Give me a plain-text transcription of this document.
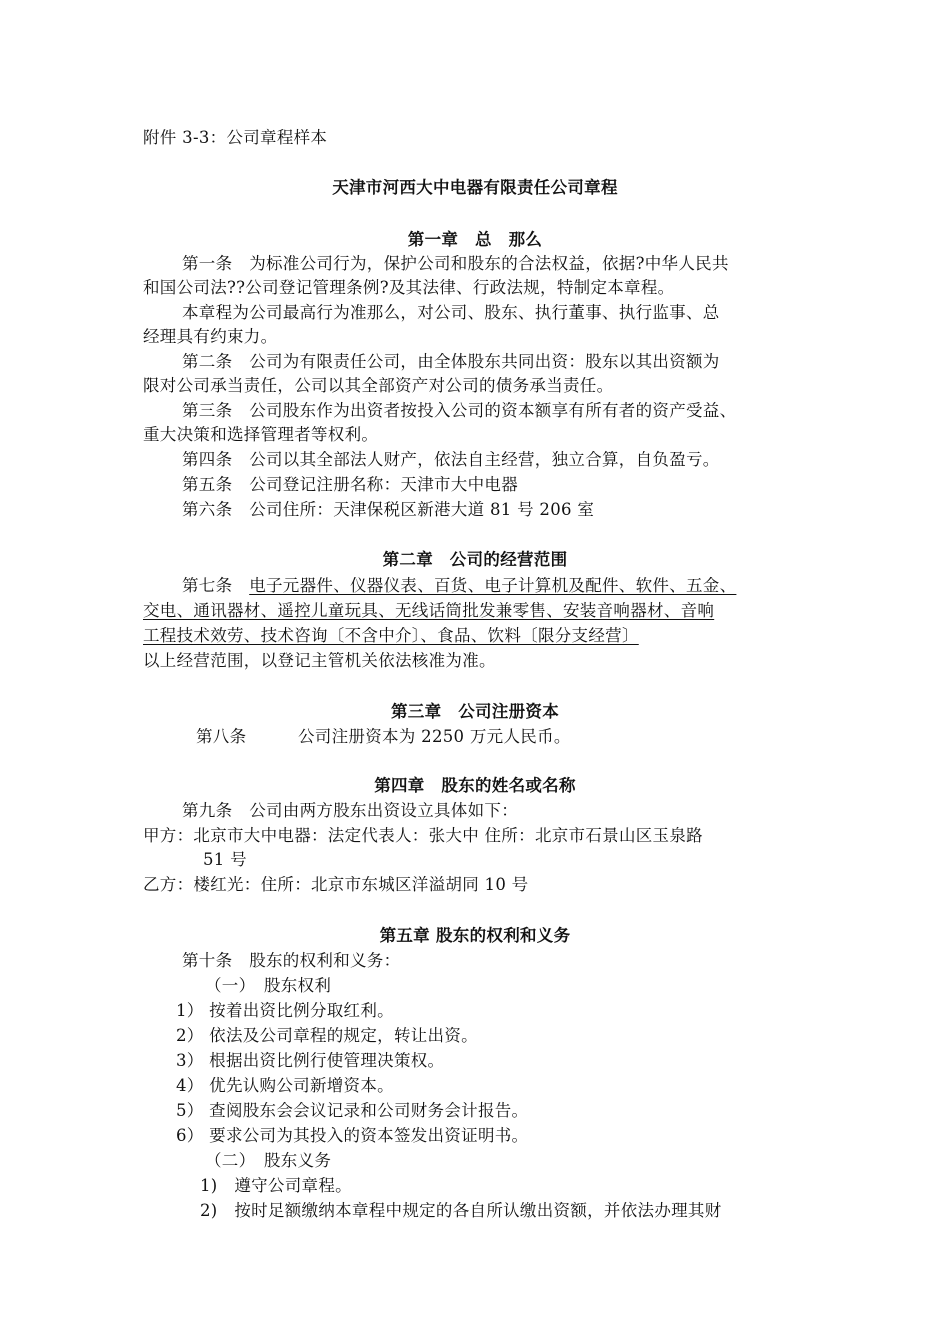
附件 3-3：公司章程样本
天津市河西大中电器有限责任公司章程
第一章　总　那么
第一条　为标准公司行为，保护公司和股东的合法权益，依据?中华人民共
和国公司法??公司登记管理条例?及其法律、行政法规，特制定本章程。
本章程为公司最高行为准那么，对公司、股东、执行董事、执行监事、总
经理具有约束力。
第二条　公司为有限责任公司，由全体股东共同出资：股东以其出资额为
限对公司承当责任，公司以其全部资产对公司的债务承当责任。
第三条　公司股东作为出资者按投入公司的资本额享有所有者的资产受益、
重大决策和选择管理者等权利。
第四条　公司以其全部法人财产，依法自主经营，独立合算，自负盈亏。
第五条　公司登记注册名称：天津市大中电器
第六条　公司住所：天津保税区新港大道 81 号 206 室
第二章　公司的经营范围
第七条　电子元器件、仪器仪表、百货、电子计算机及配件、软件、五金、
交电、通讯器材、遥控儿童玩具、无线话筒批发兼零售、安装音响器材、音响
工程技术效劳、技术咨询〔不含中介〕、食品、饮料〔限分支经营〕
以上经营范围，以登记主管机关依法核准为准。
第三章　公司注册资本
第八条	公司注册资本为 2250 万元人民币。
第四章　股东的姓名或名称
第九条　公司由两方股东出资设立具体如下：
甲方：北京市大中电器：法定代表人：张大中 住所：北京市石景山区玉泉路
51 号
乙方：楼红光：住所：北京市东城区洋溢胡同 10 号
第五章 股东的权利和义务
第十条　股东的权利和义务：
（一）　股东权利
1） 按着出资比例分取红利。
2） 依法及公司章程的规定，转让出资。
3） 根据出资比例行使管理决策权。
4） 优先认购公司新增资本。
5） 查阅股东会会议记录和公司财务会计报告。
6） 要求公司为其投入的资本签发出资证明书。
（二）　股东义务
1)　遵守公司章程。
2)　按时足额缴纳本章程中规定的各自所认缴出资额，并依法办理其财
